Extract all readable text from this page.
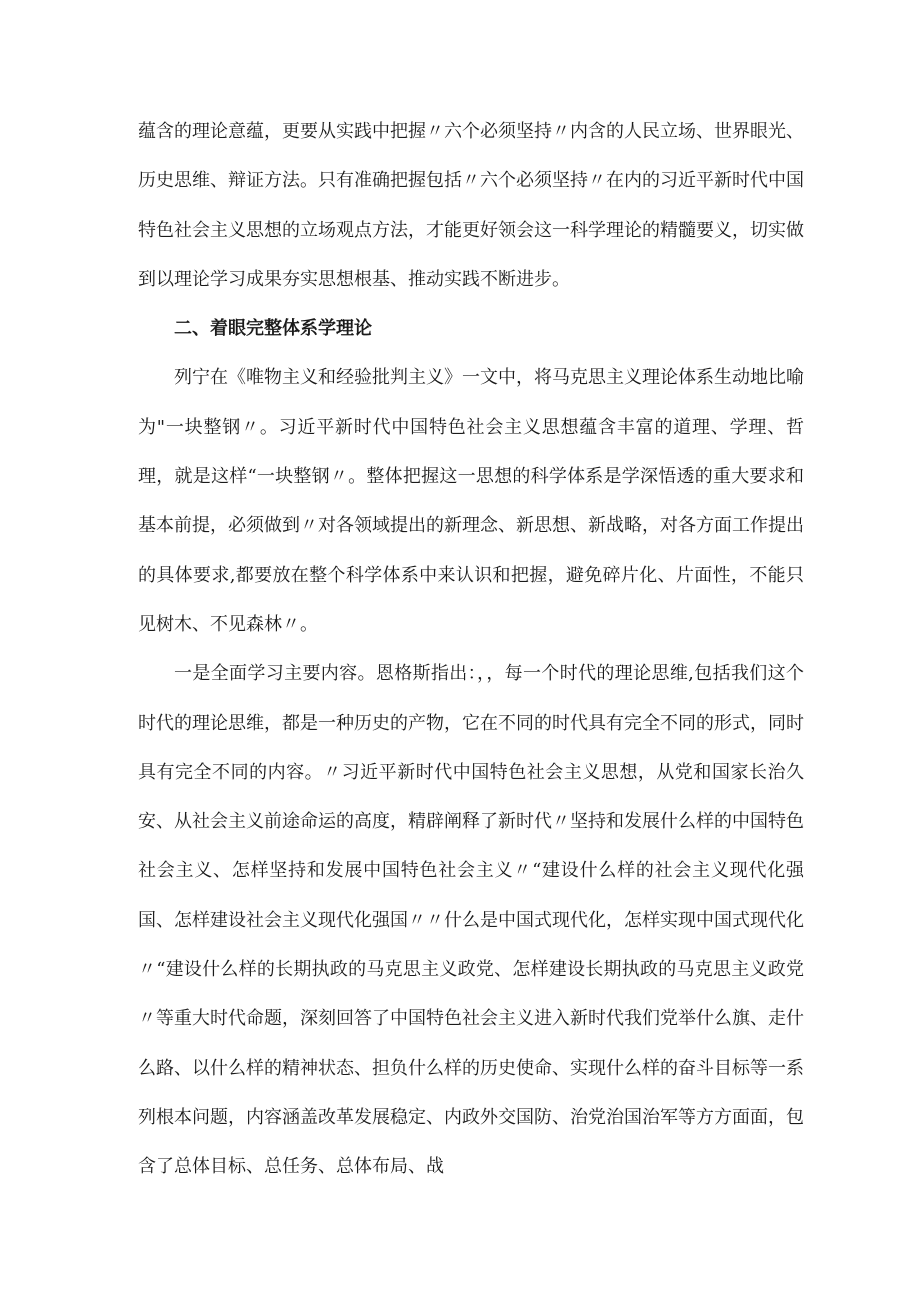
蕴含的理论意蕴，更要从实践中把握〃六个必须坚持〃内含的人民立场、世界眼光、历史思维、辩证方法。只有准确把握包括〃六个必须坚持〃在内的习近平新时代中国特色社会主义思想的立场观点方法，才能更好领会这一科学理论的精髓要义，切实做到以理论学习成果夯实思想根基、推动实践不断进步。

二、着眼完整体系学理论

列宁在《唯物主义和经验批判主义》一文中，将马克思主义理论体系生动地比喻为"一块整钢〃。习近平新时代中国特色社会主义思想蕴含丰富的道理、学理、哲理，就是这样“一块整钢〃。整体把握这一思想的科学体系是学深悟透的重大要求和基本前提，必须做到〃对各领域提出的新理念、新思想、新战略，对各方面工作提出的具体要求,都要放在整个科学体系中来认识和把握，避免碎片化、片面性，不能只见树木、不见森林〃。

一是全面学习主要内容。恩格斯指出：，，每一个时代的理论思维,包括我们这个时代的理论思维，都是一种历史的产物，它在不同的时代具有完全不同的形式，同时具有完全不同的内容。〃习近平新时代中国特色社会主义思想，从党和国家长治久安、从社会主义前途命运的高度，精辟阐释了新时代〃坚持和发展什么样的中国特色社会主义、怎样坚持和发展中国特色社会主义〃“建设什么样的社会主义现代化强国、怎样建设社会主义现代化强国〃〃什么是中国式现代化，怎样实现中国式现代化〃“建设什么样的长期执政的马克思主义政党、怎样建设长期执政的马克思主义政党〃等重大时代命题，深刻回答了中国特色社会主义进入新时代我们党举什么旗、走什么路、以什么样的精神状态、担负什么样的历史使命、实现什么样的奋斗目标等一系列根本问题，内容涵盖改革发展稳定、内政外交国防、治党治国治军等方方面面，包含了总体目标、总任务、总体布局、战
